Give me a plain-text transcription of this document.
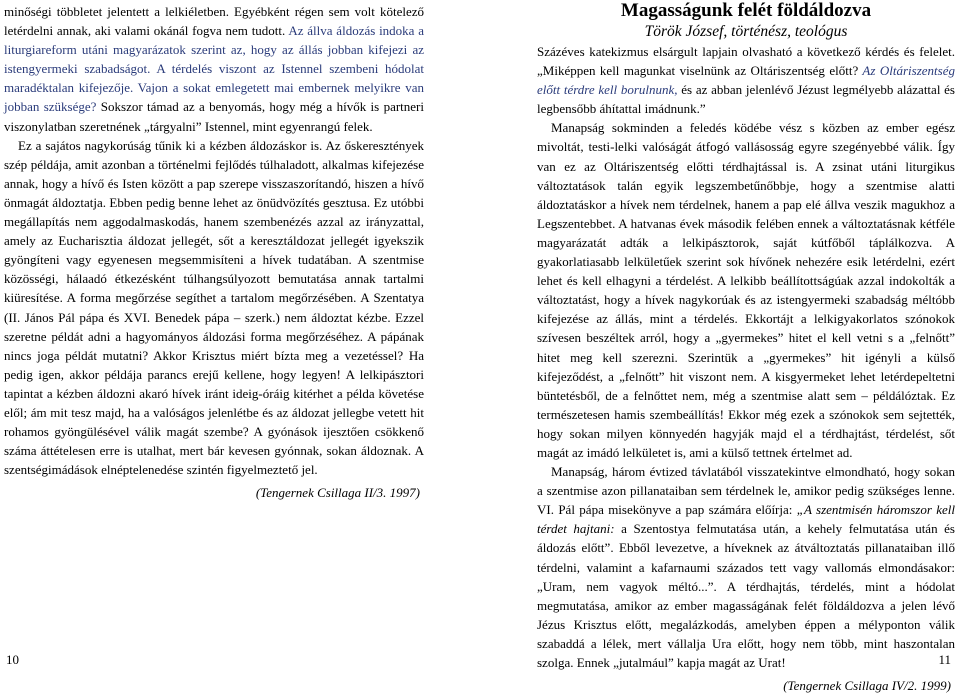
minőségi többletet jelentett a lelkiéletben. Egyébként régen sem volt kötelező letérdelni annak, aki valami okánál fogva nem tudott. Az állva áldozás indoka a liturgiareform utáni magyarázatok szerint az, hogy az állás jobban kifejezi az istengyermeki szabadságot. A térdelés viszont az Istennel szembeni hódolat maradéktalan kifejezője. Vajon a sokat emlegetett mai embernek melyikre van jobban szüksége? Sokszor támad az a benyomás, hogy még a hívők is partneri viszonylatban szeretnének „tárgyalni” Istennel, mint egyenrangú felek.

Ez a sajátos nagykorúság tűnik ki a kézben áldozáskor is. Az őskeresztények szép példája, amit azonban a történelmi fejlődés túlhaladott, alkalmas kifejezése annak, hogy a hívő és Isten között a pap szerepe visszaszorítandó, hiszen a hívő önmagát áldoztatja. Ebben pedig benne lehet az önüdvözítés gesztusa. Ez utóbbi megállapítás nem aggodalmaskodás, hanem szembenézés azzal az irányzattal, amely az Eucharisztia áldozat jellegét, sőt a keresztáldozat jellegét igyekszik gyöngíteni vagy egyenesen megsemmisíteni a hívek tudatában. A szentmise közösségi, hálaadó étkezésként túlhangsúlyozott bemutatása annak tartalmi kiüresítése. A forma megőrzése segíthet a tartalom megőrzésében. A Szentatya (II. János Pál pápa és XVI. Benedek pápa – szerk.) nem áldoztat kézbe. Ezzel szeretne példát adni a hagyományos áldozási forma megőrzéséhez. A pápának nincs joga példát mutatni? Akkor Krisztus miért bízta meg a vezetéssel? Ha pedig igen, akkor példája parancs erejű kellene, hogy legyen! A lelkipásztori tapintat a kézben áldozni akaró hívek iránt ideig-óráig kitérhet a példa követése elől; ám mit tesz majd, ha a valóságos jelenlétbe és az áldozat jellegbe vetett hit rohamos gyöngülésével válik magát szembe? A gyónások ijesztően csökkenő száma áttételesen erre is utalhat, mert bár kevesen gyónnak, sokan áldoznak. A szentségimádások elnéptelenedése szintén figyelmeztető jel.

(Tengernek Csillaga II/3. 1997)

Magasságunk felét földáldozva

Török József, történész, teológus

Százéves katekizmus elsárgult lapjain olvasható a következő kérdés és felelet. „Miképpen kell magunkat viselnünk az Oltáriszentség előtt? Az Oltáriszentség előtt térdre kell borulnunk, és az abban jelenlévő Jézust legmélyebb alázattal és legbensőbb áhítattal imádnunk.”

Manapság sokminden a feledés ködébe vész s közben az ember egész mivoltát, testi-lelki valóságát átfogó vallásosság egyre szegényebbé válik. Így van ez az Oltáriszentség előtti térdhajtással is. A zsinat utáni liturgikus változtatások talán egyik legszembetűnőbbje, hogy a szentmise alatti áldoztatáskor a hívek nem térdelnek, hanem a pap elé állva veszik magukhoz a Legszentebbet. A hatvanas évek második felében ennek a változtatásnak kétféle magyarázatát adták a lelkipásztorok, saját kútfőből táplálkozva. A gyakorlatiasabb lelkületűek szerint sok hívőnek nehezére esik letérdelni, ezért lehet és kell elhagyni a térdelést. A lelkibb beállítottságúak azzal indokolták a változtatást, hogy a hívek nagykorúak és az istengyermeki szabadság méltóbb kifejezése az állás, mint a térdelés. Ekkortájt a lelkigyakorlatos szónokok szívesen beszéltek arról, hogy a „gyermekes” hitet el kell vetni s a „felnőtt” hitet meg kell szerezni. Szerintük a „gyermekes” hit igényli a külső kifejeződést, a „felnőtt” hit viszont nem. A kisgyermeket lehet letérdepeltetni büntetésből, de a felnőttet nem, még a szentmise alatt sem – példálóztak. Ez természetesen hamis szembeállítás! Ekkor még ezek a szónokok sem sejtették, hogy sokan milyen könnyedén hagyják majd el a térdhajtást, térdelést, sőt magát az imádó lelkületet is, ami a külső tettnek értelmet ad.

Manapság, három évtized távlatából visszatekintve elmondható, hogy sokan a szentmise azon pillanataiban sem térdelnek le, amikor pedig szükséges lenne. VI. Pál pápa misekönyve a pap számára előírja: „A szentmisén háromszor kell térdet hajtani: a Szentostya felmutatása után, a kehely felmutatása után és áldozás előtt”. Ebből levezetve, a híveknek az átváltoztatás pillanataiban illő térdelni, valamint a kafarnaumi százados tett vagy vallomás elmondásakor: „Uram, nem vagyok méltó...”. A térdhajtás, térdelés, mint a hódolat megmutatása, amikor az ember magasságának felét földáldozva a jelen lévő Jézus Krisztus előtt, megalázkodás, amelyben éppen a mélyponton válik szabaddá a lélek, mert vállalja Ura előtt, hogy nem több, mint haszontalan szolga. Ennek „jutalmául” kapja magát az Urat!

(Tengernek Csillaga IV/2. 1999)

10	11
